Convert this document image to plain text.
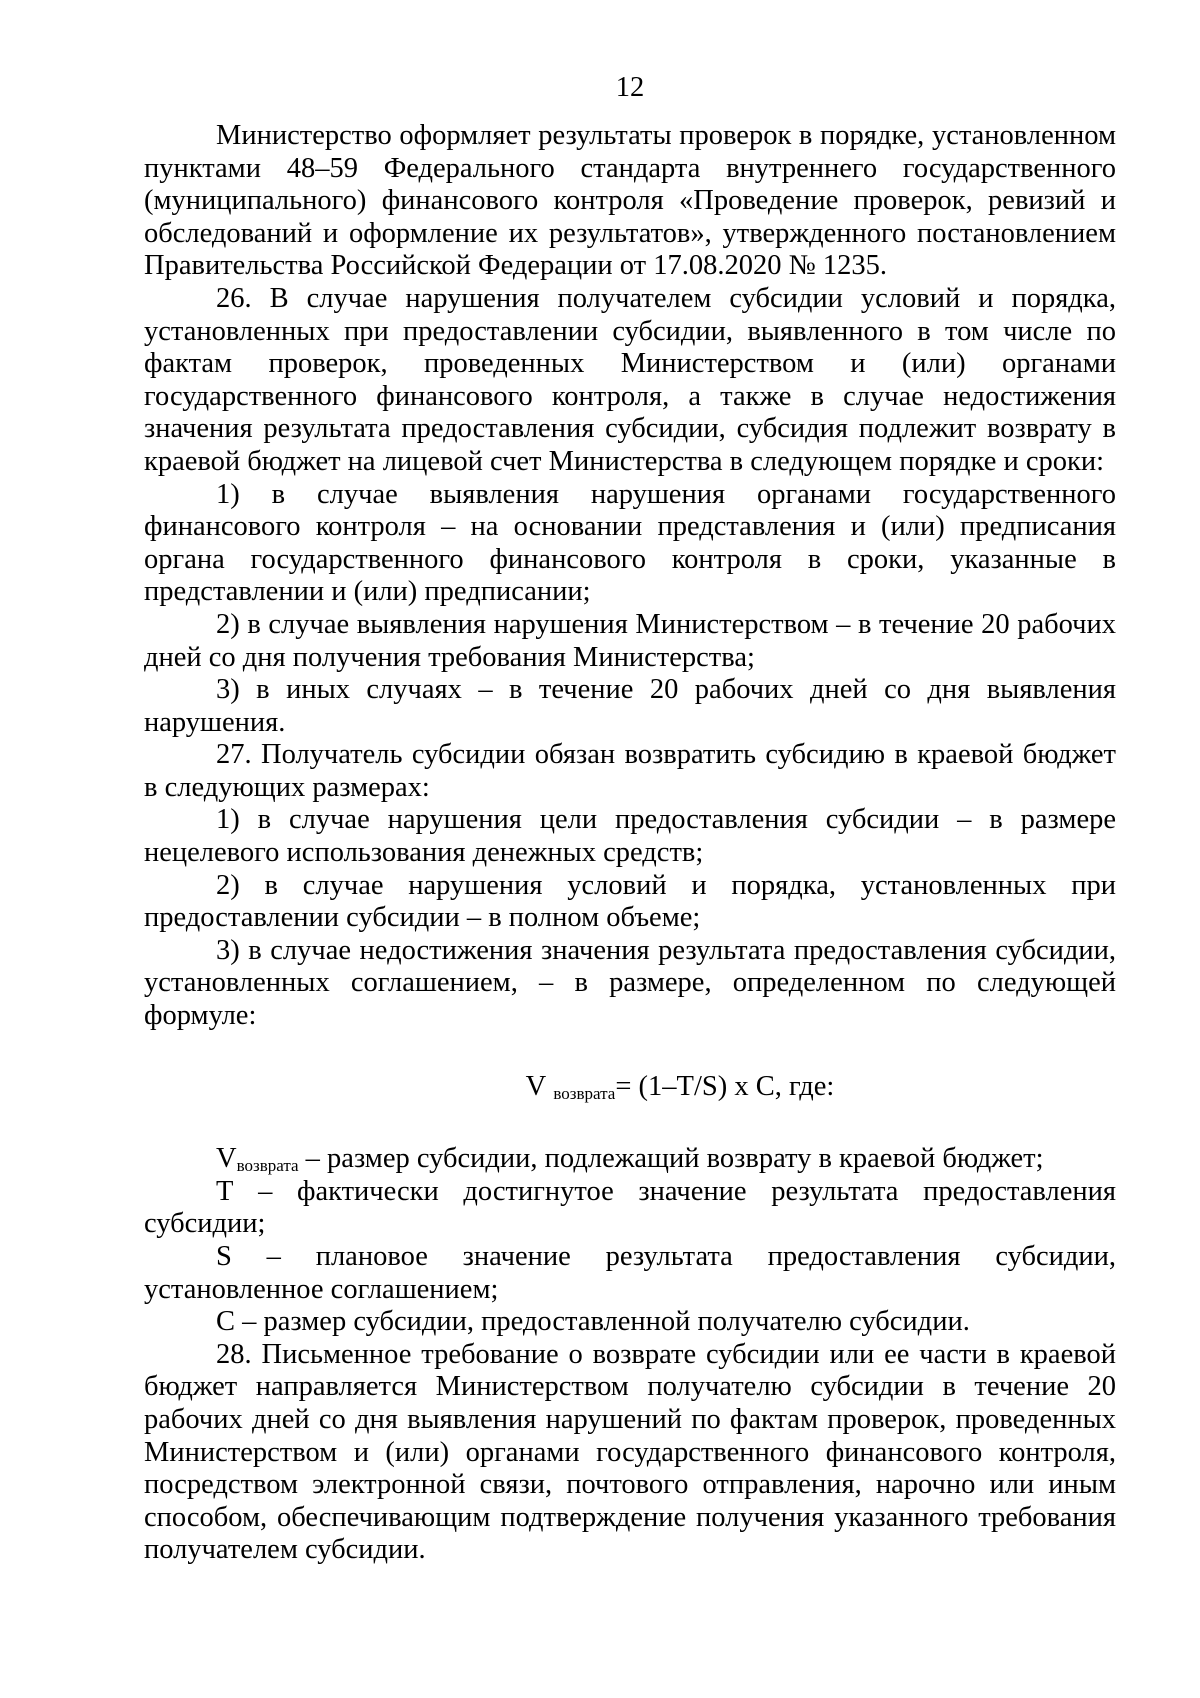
12

Министерство оформляет результаты проверок в порядке, установленном пунктами 48–59 Федерального стандарта внутреннего государственного (муниципального) финансового контроля «Проведение проверок, ревизий и обследований и оформление их результатов», утвержденного постановлением Правительства Российской Федерации от 17.08.2020 № 1235.

26. В случае нарушения получателем субсидии условий и порядка, установленных при предоставлении субсидии, выявленного в том числе по фактам проверок, проведенных Министерством и (или) органами государственного финансового контроля, а также в случае недостижения значения результата предоставления субсидии, субсидия подлежит возврату в краевой бюджет на лицевой счет Министерства в следующем порядке и сроки:

1) в случае выявления нарушения органами государственного финансового контроля – на основании представления и (или) предписания органа государственного финансового контроля в сроки, указанные в представлении и (или) предписании;

2) в случае выявления нарушения Министерством – в течение 20 рабочих дней со дня получения требования Министерства;

3) в иных случаях – в течение 20 рабочих дней со дня выявления нарушения.

27. Получатель субсидии обязан возвратить субсидию в краевой бюджет в следующих размерах:

1) в случае нарушения цели предоставления субсидии – в размере нецелевого использования денежных средств;

2) в случае нарушения условий и порядка, установленных при предоставлении субсидии – в полном объеме;

3) в случае недостижения значения результата предоставления субсидии, установленных соглашением, – в размере, определенном по следующей формуле:

V $_{возврата}$= (1–T/S) x C, где:

$V_{возврата}$ – размер субсидии, подлежащий возврату в краевой бюджет;

Т – фактически достигнутое значение результата предоставления субсидии;

S – плановое значение результата предоставления субсидии, установленное соглашением;

С – размер субсидии, предоставленной получателю субсидии.

28. Письменное требование о возврате субсидии или ее части в краевой бюджет направляется Министерством получателю субсидии в течение 20 рабочих дней со дня выявления нарушений по фактам проверок, проведенных Министерством и (или) органами государственного финансового контроля, посредством электронной связи, почтового отправления, нарочно или иным способом, обеспечивающим подтверждение получения указанного требования получателем субсидии.
